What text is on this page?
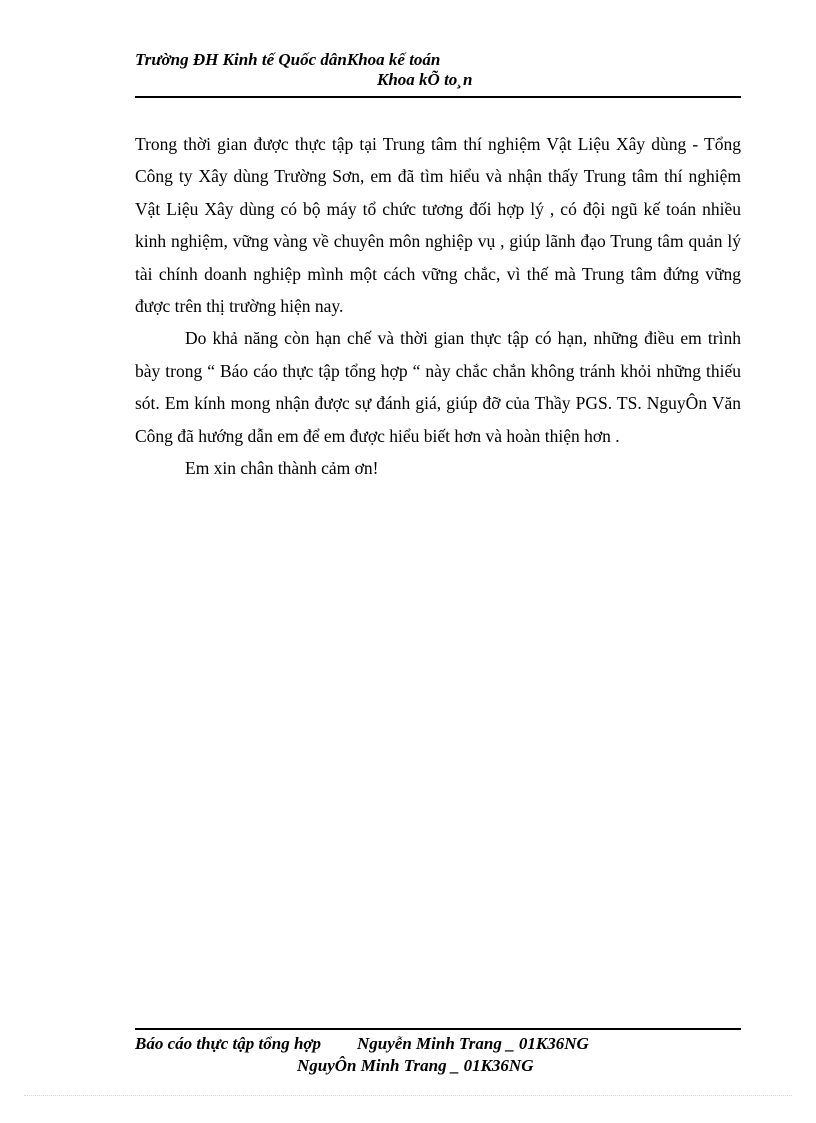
Trường ĐH Kinh tế Quốc dânKhoa kế toán
Khoa kÕ to¸n

Trong thời gian được thực tập tại Trung tâm thí nghiệm Vật Liệu Xây dùng - Tổng Công ty Xây dùng Trường Sơn, em đã tìm hiểu và nhận thấy Trung tâm thí nghiệm Vật Liệu Xây dùng có bộ máy tổ chức tương đối hợp lý , có đội ngũ kế toán nhiều kinh nghiệm, vững vàng về chuyên môn nghiệp vụ , giúp lãnh đạo Trung tâm quản lý tài chính doanh nghiệp mình một cách vững chắc, vì thế mà Trung tâm đứng vững được trên thị trường hiện nay.

Do khả năng còn hạn chế và thời gian thực tập có hạn, những điều em trình bày trong “ Báo cáo thực tập tổng hợp “ này chắc chắn không tránh khỏi những thiếu sót. Em kính mong nhận được sự đánh giá, giúp đỡ của Thầy PGS. TS. NguyÔn Văn Công đã hướng dẫn em để em được hiểu biết hơn và hoàn thiện hơn .

Em xin chân thành cảm ơn!

Báo cáo thực tập tổng hợp Nguyễn Minh Trang _ 01K36NG
NguyÔn Minh Trang _ 01K36NG
